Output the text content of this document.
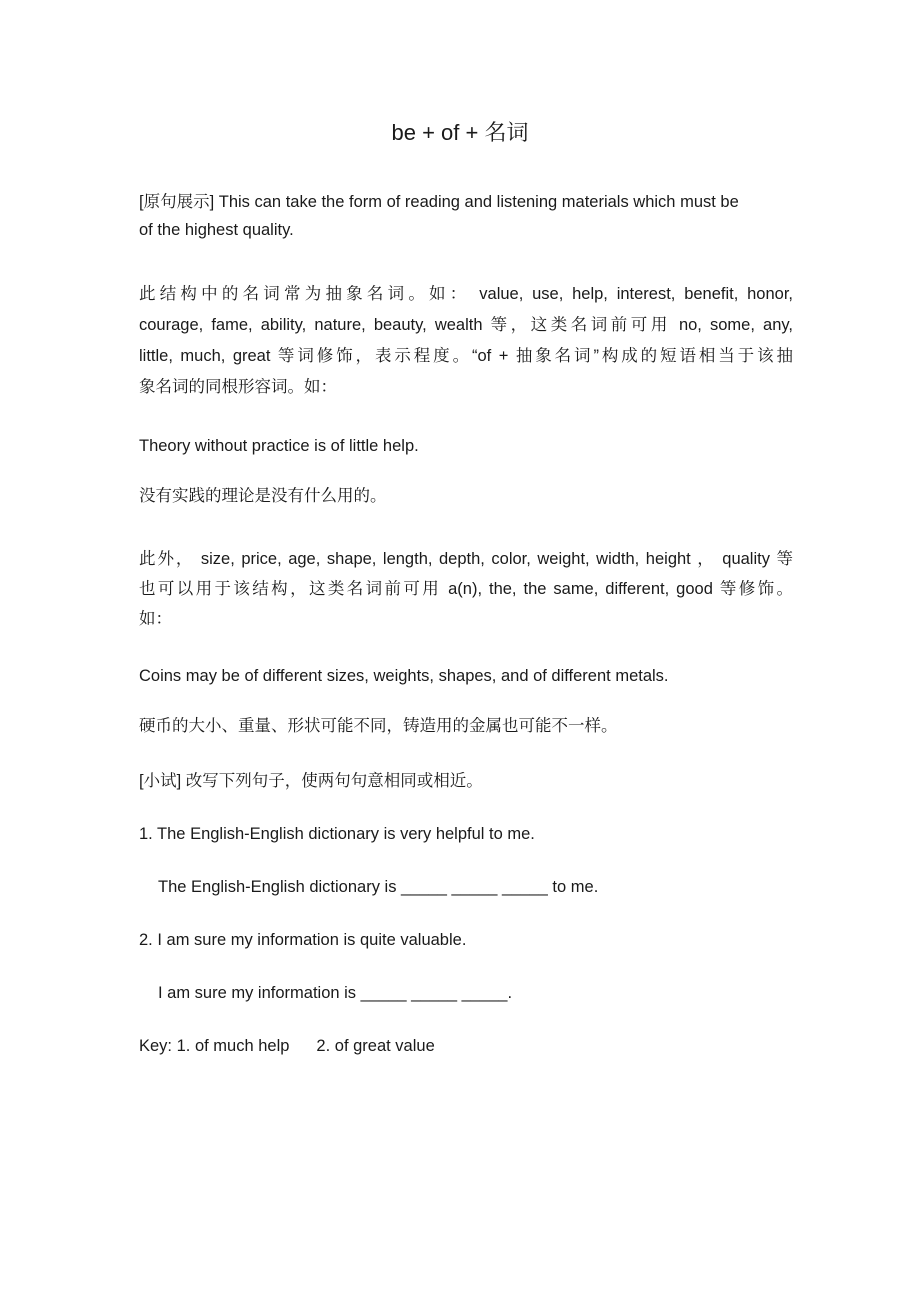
be + of + 名词
[原句展示] This can take the form of reading and listening materials which must be
of the highest quality.
此结构中的名词常为抽象名词。如： value, use, help, interest, benefit, honor,
courage, fame, ability, nature, beauty, wealth 等，这类名词前可用 no, some, any,
little, much, great 等词修饰，表示程度。“of + 抽象名词”构成的短语相当于该抽
象名词的同根形容词。如：
Theory without practice is of little help.
没有实践的理论是没有什么用的。
此外， size, price, age, shape, length, depth, color, weight, width, height ， quality 等
也可以用于该结构，这类名词前可用 a(n), the, the same, different, good 等修饰。
如：
Coins may be of different sizes, weights, shapes, and of different metals.
硬币的大小、重量、形状可能不同，铸造用的金属也可能不一样。
[小试] 改写下列句子，使两句句意相同或相近。
1. The English-English dictionary is very helpful to me.
The English-English dictionary is _____ _____ _____ to me.
2. I am sure my information is quite valuable.
I am sure my information is _____ _____ _____.
Key: 1. of much help 2. of great value
